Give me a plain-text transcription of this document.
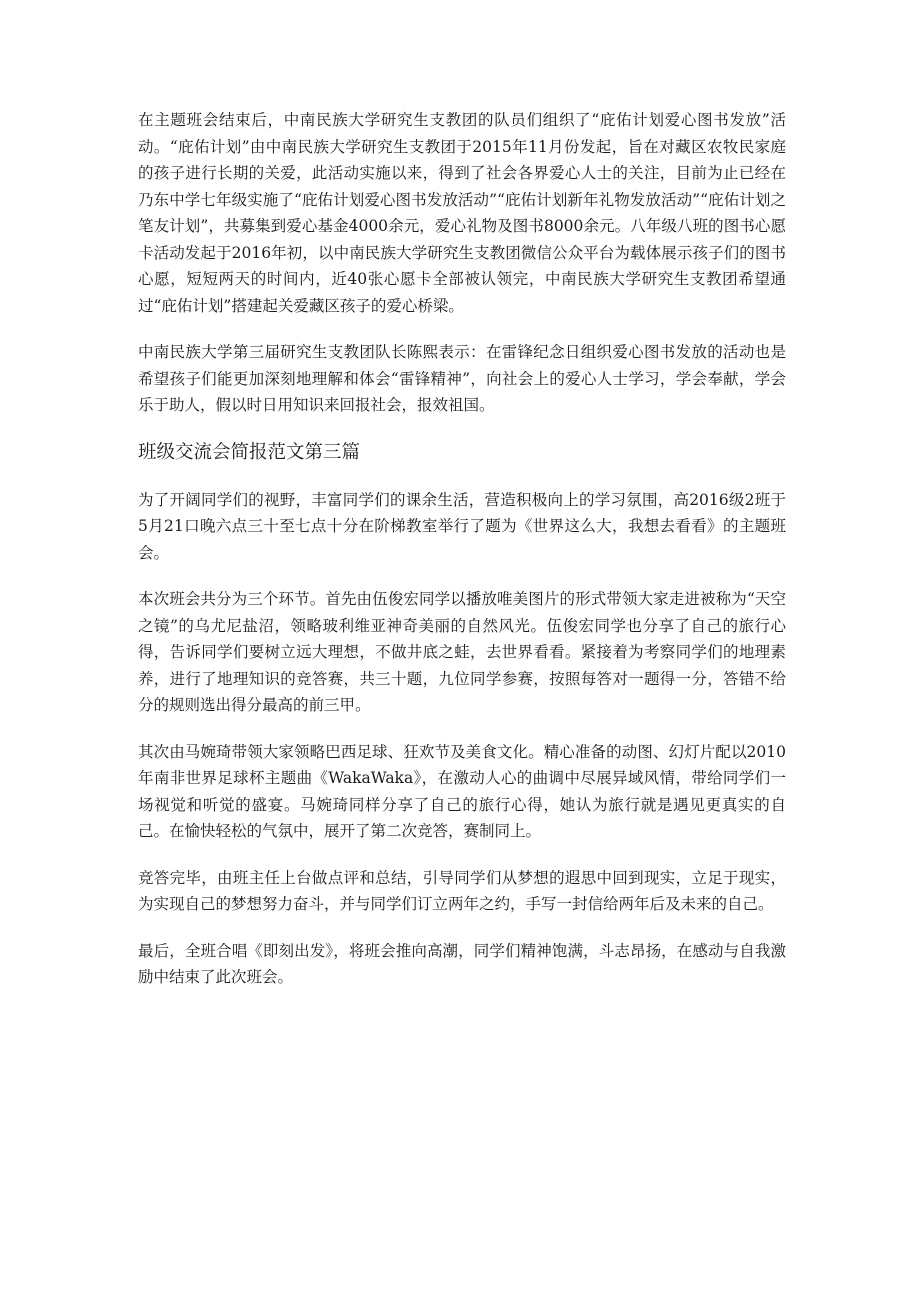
在主题班会结束后，中南民族大学研究生支教团的队员们组织了“庇佑计划爱心图书发放”活动。“庇佑计划”由中南民族大学研究生支教团于2015年11月份发起，旨在对藏区农牧民家庭的孩子进行长期的关爱，此活动实施以来，得到了社会各界爱心人士的关注，目前为止已经在乃东中学七年级实施了“庇佑计划爱心图书发放活动”“庇佑计划新年礼物发放活动”“庇佑计划之笔友计划”，共募集到爱心基金4000余元，爱心礼物及图书8000余元。八年级八班的图书心愿卡活动发起于2016年初，以中南民族大学研究生支教团微信公众平台为载体展示孩子们的图书心愿，短短两天的时间内，近40张心愿卡全部被认领完，中南民族大学研究生支教团希望通过“庇佑计划”搭建起关爱藏区孩子的爱心桥梁。

中南民族大学第三届研究生支教团队长陈熙表示：在雷锋纪念日组织爱心图书发放的活动也是希望孩子们能更加深刻地理解和体会“雷锋精神”，向社会上的爱心人士学习，学会奉献，学会乐于助人，假以时日用知识来回报社会，报效祖国。

班级交流会简报范文第三篇

为了开阔同学们的视野，丰富同学们的课余生活，营造积极向上的学习氛围，高2016级2班于5月21口晚六点三十至七点十分在阶梯教室举行了题为《世界这么大，我想去看看》的主题班会。

本次班会共分为三个环节。首先由伍俊宏同学以播放唯美图片的形式带领大家走进被称为“天空之镜”的乌尤尼盐沼，领略玻利维亚神奇美丽的自然风光。伍俊宏同学也分享了自己的旅行心得，告诉同学们要树立远大理想，不做井底之蛙，去世界看看。紧接着为考察同学们的地理素养，进行了地理知识的竞答赛，共三十题，九位同学参赛，按照每答对一题得一分，答错不给分的规则选出得分最高的前三甲。

其次由马婉琦带领大家领略巴西足球、狂欢节及美食文化。精心准备的动图、幻灯片配以2010年南非世界足球杯主题曲《WakaWaka》，在激动人心的曲调中尽展异域风情，带给同学们一场视觉和听觉的盛宴。马婉琦同样分享了自己的旅行心得，她认为旅行就是遇见更真实的自己。在愉快轻松的气氛中，展开了第二次竞答，赛制同上。

竞答完毕，由班主任上台做点评和总结，引导同学们从梦想的遐思中回到现实，立足于现实，为实现自己的梦想努力奋斗，并与同学们订立两年之约，手写一封信给两年后及未来的自己。

最后，全班合唱《即刻出发》，将班会推向高潮，同学们精神饱满，斗志昂扬，在感动与自我激励中结束了此次班会。
